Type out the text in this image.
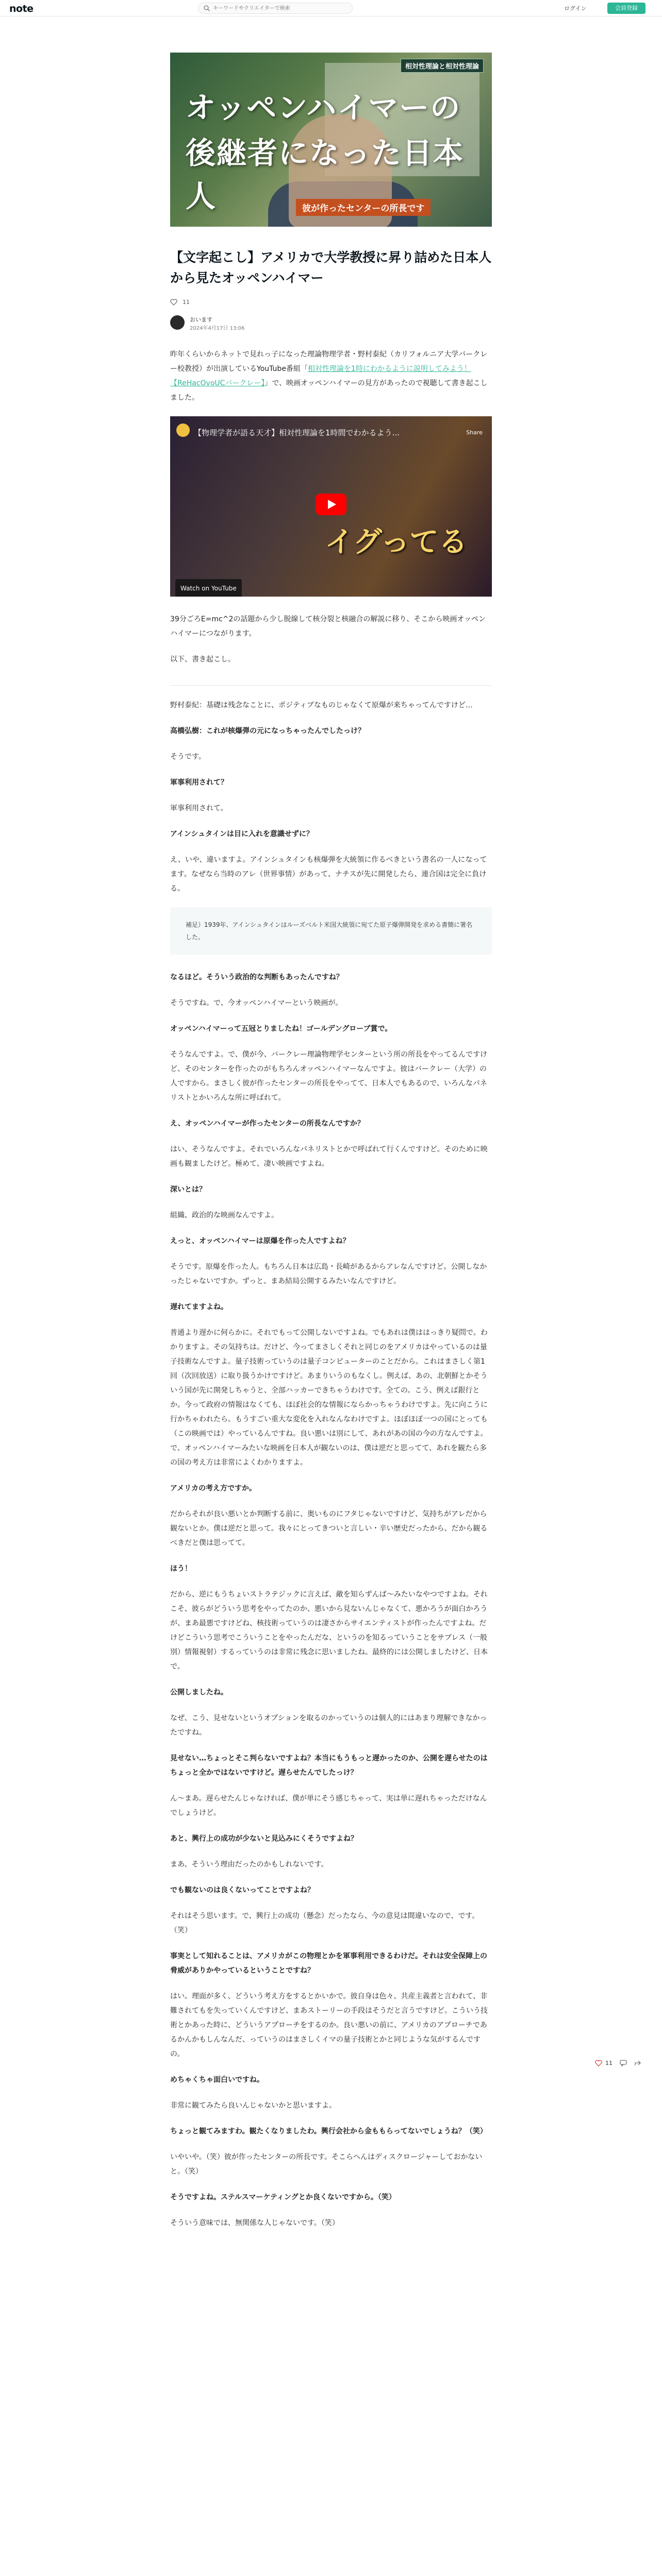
note
キーワードやクリエイターで検索	ログイン	会員登録
相対性理論と相対性理論
オッペンハイマーの
後継者になった日本人	彼が作ったセンターの所長です
【文字起こし】アメリカで大学教授に昇り詰めた日本人から見たオッペンハイマー
11
おいます
2024年4月17日 13:06

昨年くらいからネットで見れっ子になった理論物理学者・野村泰紀（カリフォルニア大学バークレー校教授）が出演しているYouTube番組「相対性理論を1時にわかるように説明してみよう！【ReHacOvoUCバークレー】」で、映画オッペンハイマーの見方があったので視聴して書き起こしました。

【物理学者が語る天才】相対性理論を1時間でわかるよう...	Share
イグってる
Watch on YouTube

39分ごろE=mc^2の話題から少し脱線して核分裂と核融合の解説に移り、そこから映画オッペンハイマーにつながります。

以下、書き起こし。

野村泰紀：基礎は残念なことに、ポジティブなものじゃなくて原爆が来ちゃってんですけど…

高橋弘樹：これが核爆弾の元になっちゃったんでしたっけ？

そうです。

軍事利用されて？

軍事利用されて。

アインシュタインは目に入れを意識せずに？

え、いや、違いますよ。アインシュタインも核爆弾を大統領に作るべきという書名の一人になってます。なぜなら当時のアレ（世界事情）があって、ナチスが先に開発したら、連合国は完全に負ける。

補足）1939年、アインシュタインはルーズベルト米国大統領に宛てた原子爆弾開発を求める書簡に署名した。

なるほど。そういう政治的な判断もあったんですね？

そうですね。で、今オッペンハイマーという映画が。

オッペンハイマーって五冠とりましたね！ゴールデングローブ賞で。

そうなんですよ。で、僕が今、バークレー理論物理学センターという所の所長をやってるんですけど、そのセンターを作ったのがもちろんオッペンハイマーなんですよ。彼はバークレー（大学）の人ですから。まさしく彼が作ったセンターの所長をやってて、日本人でもあるので、いろんなパネリストとかいろんな所に呼ばれて。

え、オッペンハイマーが作ったセンターの所長なんですか？

はい、そうなんですよ。それでいろんなパネリストとかで呼ばれて行くんですけど。そのために映画も観ましたけど。極めて、凄い映画ですよね。

深いとは？

組織、政治的な映画なんですよ。

えっと、オッペンハイマーは原爆を作った人ですよね？

そうです。原爆を作った人。もちろん日本は広島・長崎があるからアレなんですけど。公開しなかったじゃないですか。ずっと、まあ結局公開するみたいなんですけど。

遅れてますよね。

普通より遅かに何らかに。それでもって公開しないですよね。でもあれは僕ははっきり疑問で。わかりますよ。その気持ちは。だけど、今ってまさしくそれと同じのをアメリカはやっているのは量子技術なんですよ。量子技術っていうのは量子コンピューターのことだから。これはまさしく第1回（次回放送）に取り扱うかけですけど。あまりいうのもなくし。例えば、あの、北朝鮮とかそういう国が先に開発しちゃうと、全部ハッカーできちゃうわけです。全ての。こう、例えば銀行とか。今って政府の情報はなくても、ほぼ社会的な情報にならかっちゃうわけですよ。先に向こうに行かちゃわれたら。もうすごい重大な変化を入れなんなわけですよ。ほぼほぼ一つの国にとっても（この映画では）やっているんですね。良い悪いは別にして、あれがあの国の今の方なんですよ。で、オッペンハイマーみたいな映画を日本人が観ないのは、僕は逆だと思ってて、あれを観たら多の国の考え方は非常によくわかりますよ。

アメリカの考え方ですか。

だからそれが良い悪いとか判断する前に、奥いものにフタじゃないですけど、気持ちがアレだから観ないとか。僕は逆だと思って。我々にとってきついと言しい・辛い歴史だったから、だから観るべきだと僕は思ってて。

ほう！

だから、逆にもうちょいストラテジックに言えば、敵を知らずんば〜みたいなやつですよね。それこそ、彼らがどういう思考をやってたのか、悪いから見ないんじゃなくて、悪かろうが面白かろうが、まあ最悪ですけどね、核技術っていうのは凄さからサイエンティストが作ったんですよね。だけどこういう思考でこういうことをやったんだな、というのを知るっていうことをサブレス（一般別）情報視射）するっていうのは非常に残念に思いましたね。最終的には公開しましたけど、日本で。

公開しましたね。

なぜ、こう、見せないというオプションを取るのかっていうのは個人的にはあまり理解できなかったですね。

見せない…ちょっとそこ判らないですよね？本当にもうもっと遅かったのか、公開を遅らせたのはちょっと全かではないですけど。遅らせたんでしたっけ？

ん〜まあ。遅らせたんじゃなければ、僕が単にそう感じちゃって、実は単に遅れちゃっただけなんでしょうけど。

あと、興行上の成功が少ないと見込みにくそうですよね？

まあ、そういう理由だったのかもしれないです。

でも観ないのは良くないってことですよね？

それはそう思います。で、興行上の成功（懸念）だったなら、今の意見は間違いなので、です。（笑）

事実として知れることは、アメリカがこの物理とかを軍事利用できるわけだ。それは安全保障上の脅威がありかやっているということですね？

はい。理面が多く、どういう考え方をするとかいかで。彼自身は色々、共産主義者と言われて、非難されてもを失っていくんですけど、まあストーリーの手段はそうだと言うですけど。こういう技術とかあった時に、どういうアプローチをするのか。良い悪いの前に、アメリカのアプローチであるかんかもしんなんだ、っていうのはまさしくイマの量子技術とかと同じような気がするんですの。

めちゃくちゃ面白いですね。

非常に観てみたら良いんじゃないかと思いますよ。

ちょっと観てみますわ。観たくなりましたわ。興行会社から金ももらってないでしょうね？（笑）

いやいや。（笑）彼が作ったセンターの所長です。そこらへんはディスクロージャーしておかないと。（笑）

そうですよね。ステルスマーケティングとか良くないですから。（笑）

そういう意味では、無関係な人じゃないです。（笑）

11
